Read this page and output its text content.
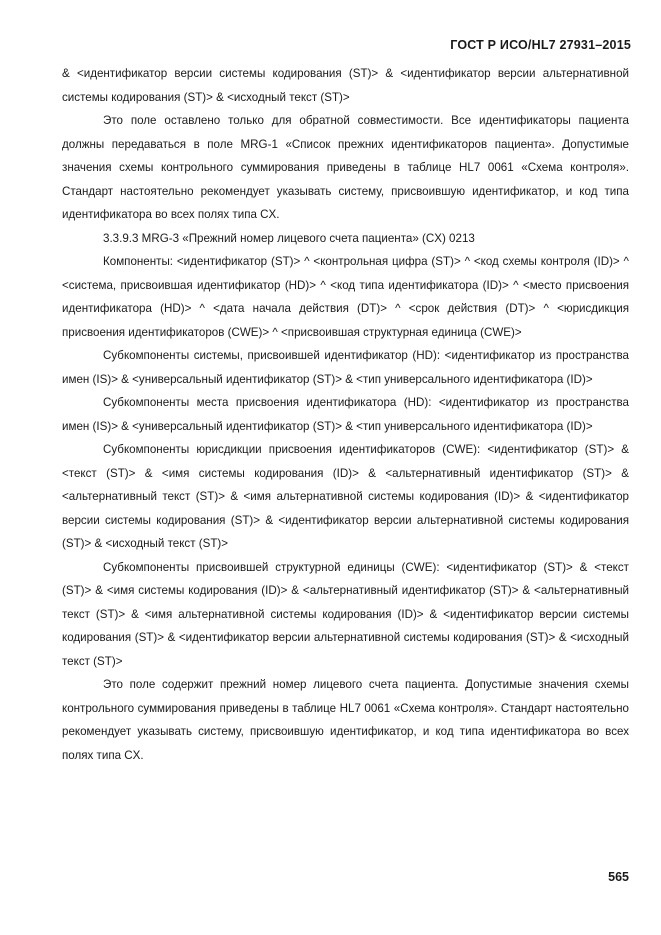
ГОСТ Р ИСО/HL7 27931–2015

& <идентификатор версии системы кодирования (ST)> & <идентификатор версии альтернативной системы кодирования (ST)> & <исходный текст (ST)>

Это поле оставлено только для обратной совместимости. Все идентификаторы пациента должны передаваться в поле MRG-1 «Список прежних идентификаторов пациента». Допустимые значения схемы контрольного суммирования приведены в таблице HL7 0061 «Схема контроля». Стандарт настоятельно рекомендует указывать систему, присвоившую идентификатор, и код типа идентификатора во всех полях типа CX.

3.3.9.3 MRG-3 «Прежний номер лицевого счета пациента» (CX) 0213

Компоненты: <идентификатор (ST)> ^ <контрольная цифра (ST)> ^ <код схемы контроля (ID)> ^ <система, присвоившая идентификатор (HD)> ^ <код типа идентификатора (ID)> ^ <место присвоения идентификатора (HD)> ^ <дата начала действия (DT)> ^ <срок действия (DT)> ^ <юрисдикция присвоения идентификаторов (CWE)> ^ <присвоившая структурная единица (CWE)>

Субкомпоненты системы, присвоившей идентификатор (HD): <идентификатор из пространства имен (IS)> & <универсальный идентификатор (ST)> & <тип универсального идентификатора (ID)>

Субкомпоненты места присвоения идентификатора (HD): <идентификатор из пространства имен (IS)> & <универсальный идентификатор (ST)> & <тип универсального идентификатора (ID)>

Субкомпоненты юрисдикции присвоения идентификаторов (CWE): <идентификатор (ST)> & <текст (ST)> & <имя системы кодирования (ID)> & <альтернативный идентификатор (ST)> & <альтернативный текст (ST)> & <имя альтернативной системы кодирования (ID)> & <идентификатор версии системы кодирования (ST)> & <идентификатор версии альтернативной системы кодирования (ST)> & <исходный текст (ST)>

Субкомпоненты присвоившей структурной единицы (CWE): <идентификатор (ST)> & <текст (ST)> & <имя системы кодирования (ID)> & <альтернативный идентификатор (ST)> & <альтернативный текст (ST)> & <имя альтернативной системы кодирования (ID)> & <идентификатор версии системы кодирования (ST)> & <идентификатор версии альтернативной системы кодирования (ST)> & <исходный текст (ST)>

Это поле содержит прежний номер лицевого счета пациента. Допустимые значения схемы контрольного суммирования приведены в таблице HL7 0061 «Схема контроля». Стандарт настоятельно рекомендует указывать систему, присвоившую идентификатор, и код типа идентификатора во всех полях типа CX.

565
